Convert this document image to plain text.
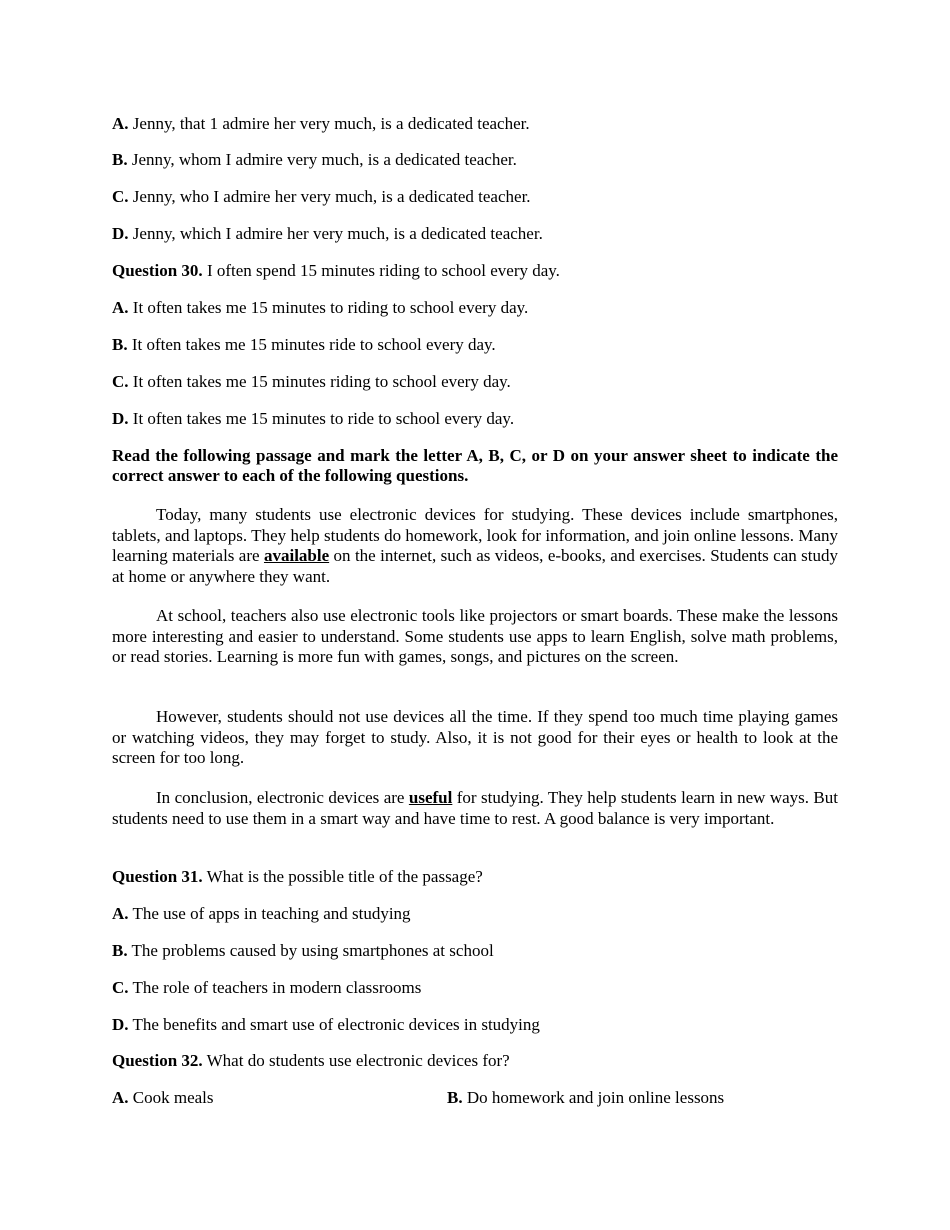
A. Jenny, that 1 admire her very much, is a dedicated teacher.
B. Jenny, whom I admire very much, is a dedicated teacher.
C. Jenny, who I admire her very much, is a dedicated teacher.
D. Jenny, which I admire her very much, is a dedicated teacher.
Question 30. I often spend 15 minutes riding to school every day.
A. It often takes me 15 minutes to riding to school every day.
B. It often takes me 15 minutes ride to school every day.
C. It often takes me 15 minutes riding to school every day.
D. It often takes me 15 minutes to ride to school every day.
Read the following passage and mark the letter A, B, C, or D on your answer sheet to indicate the correct answer to each of the following questions.
Today, many students use electronic devices for studying. These devices include smartphones, tablets, and laptops. They help students do homework, look for information, and join online lessons. Many learning materials are available on the internet, such as videos, e-books, and exercises. Students can study at home or anywhere they want.
At school, teachers also use electronic tools like projectors or smart boards. These make the lessons more interesting and easier to understand. Some students use apps to learn English, solve math problems, or read stories. Learning is more fun with games, songs, and pictures on the screen.
However, students should not use devices all the time. If they spend too much time playing games or watching videos, they may forget to study. Also, it is not good for their eyes or health to look at the screen for too long.
In conclusion, electronic devices are useful for studying. They help students learn in new ways. But students need to use them in a smart way and have time to rest. A good balance is very important.
Question 31. What is the possible title of the passage?
A. The use of apps in teaching and studying
B. The problems caused by using smartphones at school
C. The role of teachers in modern classrooms
D. The benefits and smart use of electronic devices in studying
Question 32. What do students use electronic devices for?
A. Cook meals	B. Do homework and join online lessons
